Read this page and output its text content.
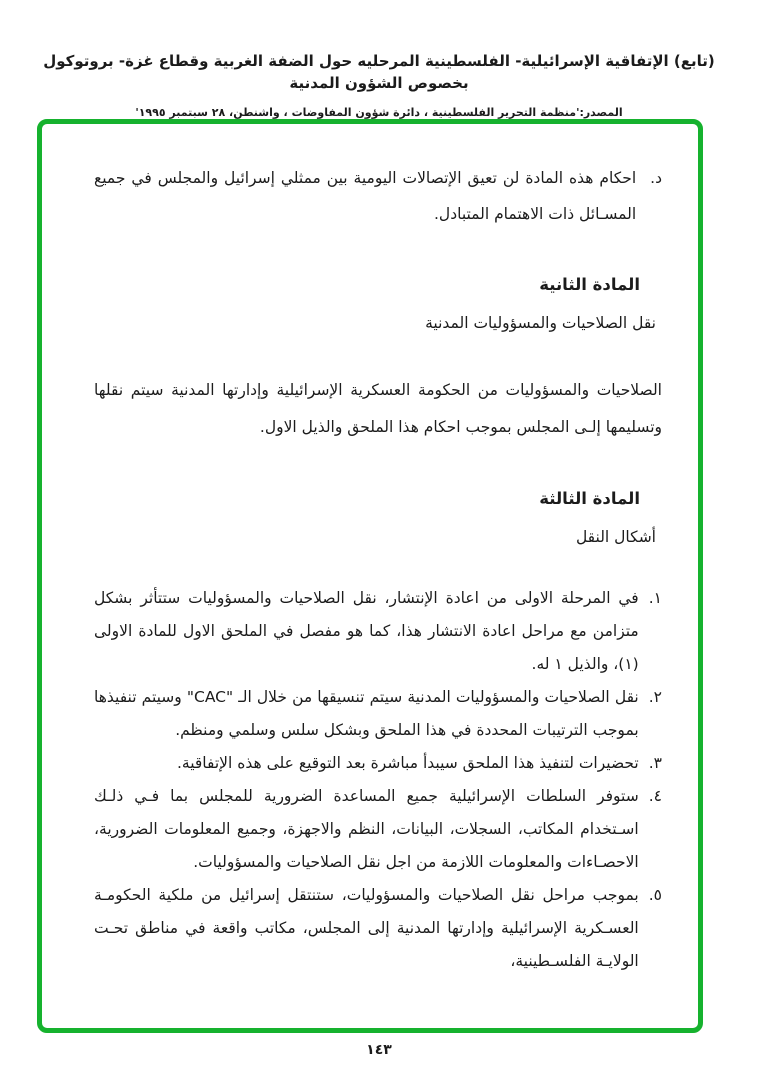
(تابع) الإتفاقية الإسرائيلية- الفلسطينية المرحليه حول الضفة الغربية وقطاع غزة- بروتوكول بخصوص الشؤون المدنية
المصدر:'منظمة التحرير الفلسطينية ، دائرة شؤون المفاوضات ، واشنطن، ٢٨ سبتمبر ١٩٩٥'
د.
احكام هذه المادة لن تعيق الإتصالات اليومية بين ممثلي إسرائيل والمجلس في جميع المسـائل ذات الاهتمام المتبادل.
المادة الثانية
نقل الصلاحيات والمسؤوليات المدنية
الصلاحيات والمسؤوليات من الحكومة العسكرية الإسرائيلية وإدارتها المدنية سيتم نقلها وتسليمها إلـى المجلس بموجب احكام هذا الملحق والذيل الاول.
المادة الثالثة
أشكال النقل
١.
في المرحلة الاولى من اعادة الإنتشار، نقل الصلاحيات والمسؤوليات ستتأثر بشكل متزامن مع مراحل اعادة الانتشار هذا، كما هو مفصل في الملحق الاول للمادة الاولى (١)، والذيل ١ له.
٢.
نقل الصلاحيات والمسؤوليات المدنية سيتم تنسيقها من خلال الـ "CAC" وسيتم تنفيذها بموجب الترتيبات المحددة في هذا الملحق وبشكل سلس وسلمي ومنظم.
٣.
تحضيرات لتنفيذ هذا الملحق سيبدأ مباشرة بعد التوقيع على هذه الإتفاقية.
٤.
ستوفر السلطات الإسرائيلية جميع المساعدة الضرورية للمجلس بما فـي ذلـك اسـتخدام المكاتب، السجلات، البيانات، النظم والاجهزة، وجميع المعلومات الضرورية، الاحصـاءات والمعلومات اللازمة من اجل نقل الصلاحيات والمسؤوليات.
٥.
بموجب مراحل نقل الصلاحيات والمسؤوليات، ستنتقل إسرائيل من ملكية الحكومـة العسـكرية الإسرائيلية وإدارتها المدنية إلى المجلس، مكاتب واقعة في مناطق تحـت الولايـة الفلسـطينية،
١٤٣
